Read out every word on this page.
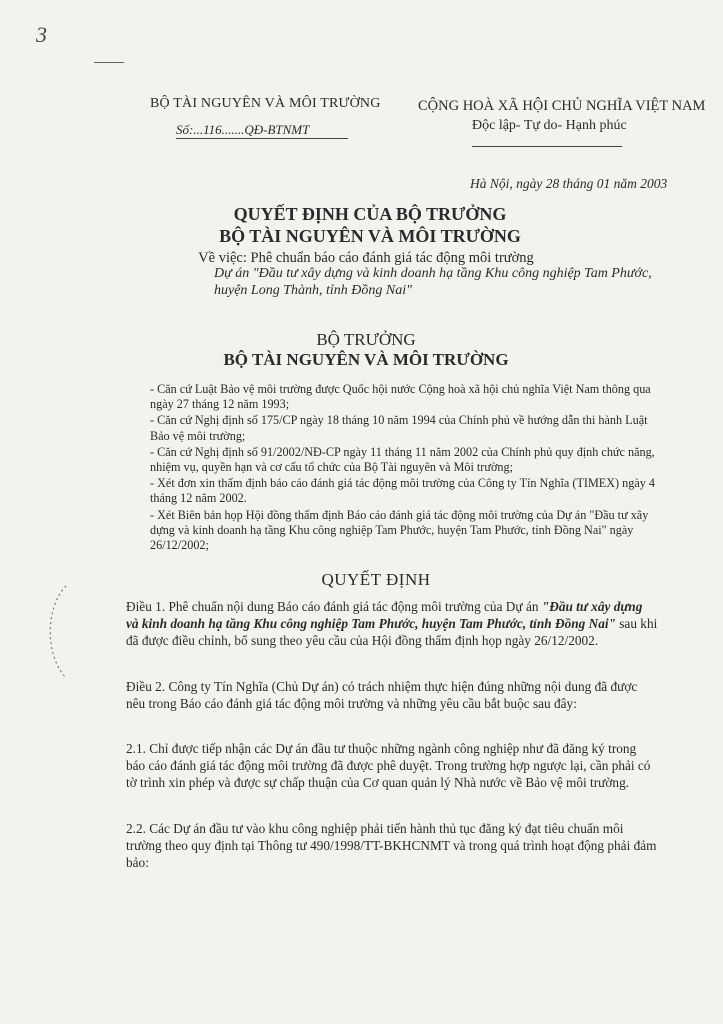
3
BỘ TÀI NGUYÊN VÀ MÔI TRƯỜNG
Số:...116.......QĐ-BTNMT
CỘNG HOÀ XÃ HỘI CHỦ NGHĨA VIỆT NAM
Độc lập- Tự do- Hạnh phúc
Hà Nội, ngày 28 tháng 01 năm 2003
QUYẾT ĐỊNH CỦA BỘ TRƯỞNG
BỘ TÀI NGUYÊN VÀ MÔI TRƯỜNG
Về việc: Phê chuẩn báo cáo đánh giá tác động môi trường
Dự án "Đầu tư xây dựng và kinh doanh hạ tầng Khu công nghiệp Tam Phước, huyện Long Thành, tỉnh Đồng Nai"
BỘ TRƯỞNG
BỘ TÀI NGUYÊN VÀ MÔI TRƯỜNG

- Căn cứ Luật Bảo vệ môi trường được Quốc hội nước Cộng hoà xã hội chủ nghĩa Việt Nam thông qua ngày 27 tháng 12 năm 1993;

- Căn cứ Nghị định số 175/CP ngày 18 tháng 10 năm 1994 của Chính phủ về hướng dẫn thi hành Luật Bảo vệ môi trường;

- Căn cứ Nghị định số 91/2002/NĐ-CP ngày 11 tháng 11 năm 2002 của Chính phủ quy định chức năng, nhiệm vụ, quyền hạn và cơ cấu tổ chức của Bộ Tài nguyên và Môi trường;

- Xét đơn xin thẩm định báo cáo đánh giá tác động môi trường của Công ty Tín Nghĩa (TIMEX) ngày 4 tháng 12 năm 2002.

- Xét Biên bản họp Hội đồng thẩm định Báo cáo đánh giá tác động môi trường của Dự án "Đầu tư xây dựng và kinh doanh hạ tầng Khu công nghiệp Tam Phước, huyện Tam Phước, tỉnh Đồng Nai" ngày 26/12/2002;

QUYẾT ĐỊNH
Điều 1. Phê chuẩn nội dung Báo cáo đánh giá tác động môi trường của Dự án "Đầu tư xây dựng và kinh doanh hạ tầng Khu công nghiệp Tam Phước, huyện Tam Phước, tỉnh Đồng Nai" sau khi đã được điều chỉnh, bổ sung theo yêu cầu của Hội đồng thẩm định họp ngày 26/12/2002.
Điều 2. Công ty Tín Nghĩa (Chủ Dự án) có trách nhiệm thực hiện đúng những nội dung đã được nêu trong Báo cáo đánh giá tác động môi trường và những yêu cầu bắt buộc sau đây:
2.1. Chỉ được tiếp nhận các Dự án đầu tư thuộc những ngành công nghiệp như đã đăng ký trong báo cáo đánh giá tác động môi trường đã được phê duyệt. Trong trường hợp ngược lại, cần phải có tờ trình xin phép và được sự chấp thuận của Cơ quan quản lý Nhà nước về Bảo vệ môi trường.
2.2. Các Dự án đầu tư vào khu công nghiệp phải tiến hành thủ tục đăng ký đạt tiêu chuẩn môi trường theo quy định tại Thông tư 490/1998/TT-BKHCNMT và trong quá trình hoạt động phải đảm bảo:
